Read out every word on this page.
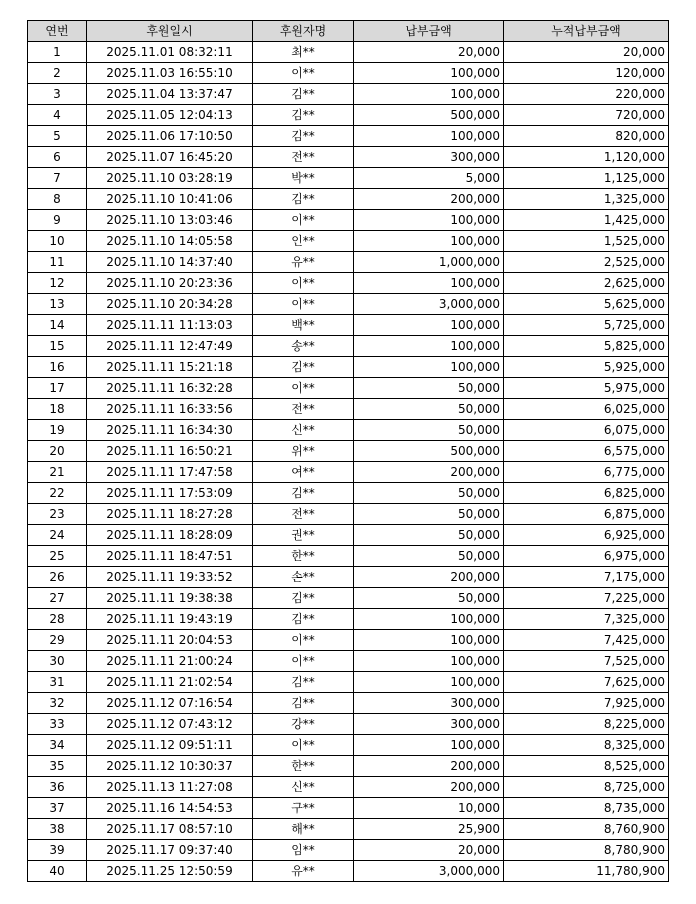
연번	후원일시	후원자명	납부금액	누적납부금액
1	2025.11.01 08:32:11	최**	20,000	20,000
2	2025.11.03 16:55:10	이**	100,000	120,000
3	2025.11.04 13:37:47	김**	100,000	220,000
4	2025.11.05 12:04:13	김**	500,000	720,000
5	2025.11.06 17:10:50	김**	100,000	820,000
6	2025.11.07 16:45:20	전**	300,000	1,120,000
7	2025.11.10 03:28:19	박**	5,000	1,125,000
8	2025.11.10 10:41:06	김**	200,000	1,325,000
9	2025.11.10 13:03:46	이**	100,000	1,425,000
10	2025.11.10 14:05:58	인**	100,000	1,525,000
11	2025.11.10 14:37:40	유**	1,000,000	2,525,000
12	2025.11.10 20:23:36	이**	100,000	2,625,000
13	2025.11.10 20:34:28	이**	3,000,000	5,625,000
14	2025.11.11 11:13:03	백**	100,000	5,725,000
15	2025.11.11 12:47:49	송**	100,000	5,825,000
16	2025.11.11 15:21:18	김**	100,000	5,925,000
17	2025.11.11 16:32:28	이**	50,000	5,975,000
18	2025.11.11 16:33:56	전**	50,000	6,025,000
19	2025.11.11 16:34:30	신**	50,000	6,075,000
20	2025.11.11 16:50:21	위**	500,000	6,575,000
21	2025.11.11 17:47:58	여**	200,000	6,775,000
22	2025.11.11 17:53:09	김**	50,000	6,825,000
23	2025.11.11 18:27:28	전**	50,000	6,875,000
24	2025.11.11 18:28:09	권**	50,000	6,925,000
25	2025.11.11 18:47:51	한**	50,000	6,975,000
26	2025.11.11 19:33:52	손**	200,000	7,175,000
27	2025.11.11 19:38:38	김**	50,000	7,225,000
28	2025.11.11 19:43:19	김**	100,000	7,325,000
29	2025.11.11 20:04:53	이**	100,000	7,425,000
30	2025.11.11 21:00:24	이**	100,000	7,525,000
31	2025.11.11 21:02:54	김**	100,000	7,625,000
32	2025.11.12 07:16:54	김**	300,000	7,925,000
33	2025.11.12 07:43:12	강**	300,000	8,225,000
34	2025.11.12 09:51:11	이**	100,000	8,325,000
35	2025.11.12 10:30:37	한**	200,000	8,525,000
36	2025.11.13 11:27:08	신**	200,000	8,725,000
37	2025.11.16 14:54:53	구**	10,000	8,735,000
38	2025.11.17 08:57:10	해**	25,900	8,760,900
39	2025.11.17 09:37:40	임**	20,000	8,780,900
40	2025.11.25 12:50:59	유**	3,000,000	11,780,900
